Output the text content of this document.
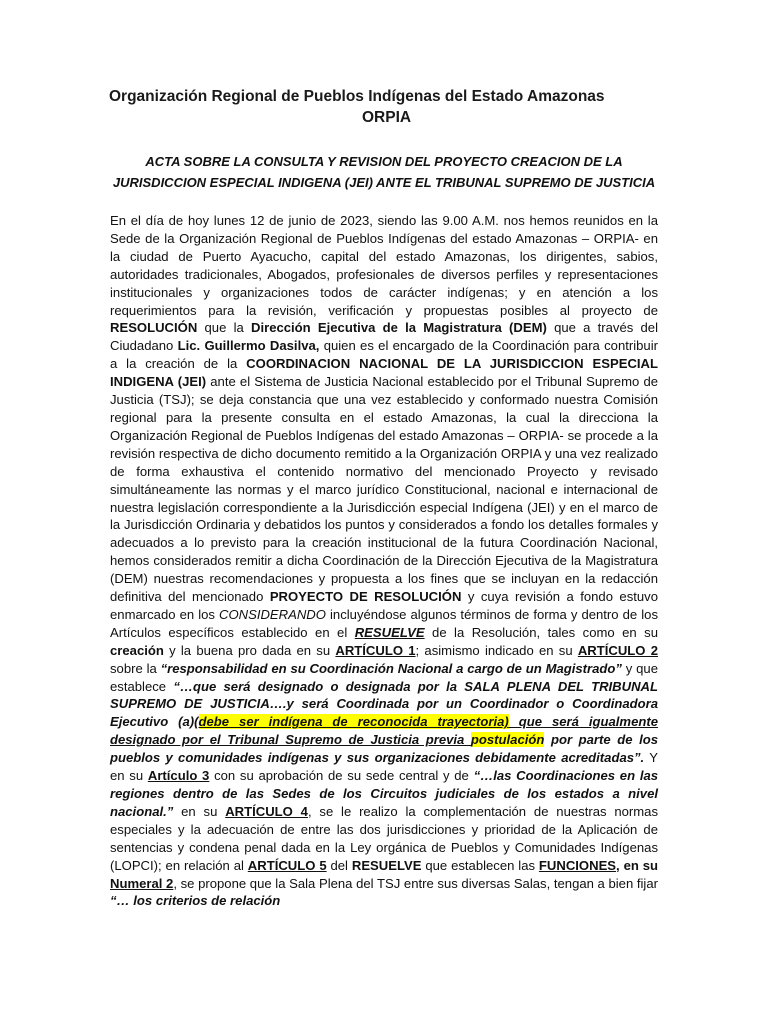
Organización Regional de Pueblos Indígenas del Estado Amazonas
ORPIA
ACTA SOBRE LA CONSULTA Y REVISION DEL PROYECTO CREACION DE LA
JURISDICCION ESPECIAL INDIGENA (JEI) ANTE EL TRIBUNAL SUPREMO DE JUSTICIA
En el día de hoy lunes 12 de junio de 2023, siendo las 9.00 A.M. nos hemos reunidos en la Sede de la Organización Regional de Pueblos Indígenas del estado Amazonas – ORPIA- en la ciudad de Puerto Ayacucho, capital del estado Amazonas, los dirigentes, sabios, autoridades tradicionales, Abogados, profesionales de diversos perfiles y representaciones institucionales y organizaciones todos de carácter indígenas; y en atención a los requerimientos para la revisión, verificación y propuestas posibles al proyecto de RESOLUCIÓN que la Dirección Ejecutiva de la Magistratura (DEM) que a través del Ciudadano Lic. Guillermo Dasilva, quien es el encargado de la Coordinación para contribuir a la creación de la COORDINACION NACIONAL DE LA JURISDICCION ESPECIAL INDIGENA (JEI) ante el Sistema de Justicia Nacional establecido por el Tribunal Supremo de Justicia (TSJ); se deja constancia que una vez establecido y conformado nuestra Comisión regional para la presente consulta en el estado Amazonas, la cual la direcciona la Organización Regional de Pueblos Indígenas del estado Amazonas – ORPIA- se procede a la revisión respectiva de dicho documento remitido a la Organización ORPIA y una vez realizado de forma exhaustiva el contenido normativo del mencionado Proyecto y revisado simultáneamente las normas y el marco jurídico Constitucional, nacional e internacional de nuestra legislación correspondiente a la Jurisdicción especial Indígena (JEI) y en el marco de la Jurisdicción Ordinaria y debatidos los puntos y considerados a fondo los detalles formales y adecuados a lo previsto para la creación institucional de la futura Coordinación Nacional, hemos considerados remitir a dicha Coordinación de la Dirección Ejecutiva de la Magistratura (DEM) nuestras recomendaciones y propuesta a los fines que se incluyan en la redacción definitiva del mencionado PROYECTO DE RESOLUCIÓN y cuya revisión a fondo estuvo enmarcado en los CONSIDERANDO incluyéndose algunos términos de forma y dentro de los Artículos específicos establecido en el RESUELVE de la Resolución, tales como en su creación y la buena pro dada en su ARTÍCULO 1; asimismo indicado en su ARTÍCULO 2 sobre la “responsabilidad en su Coordinación Nacional a cargo de un Magistrado” y que establece “…que será designado o designada por la SALA PLENA DEL TRIBUNAL SUPREMO DE JUSTICIA….y será Coordinada por un Coordinador o Coordinadora Ejecutivo (a)(debe ser indígena de reconocida trayectoria) que será igualmente designado por el Tribunal Supremo de Justicia previa postulación por parte de los pueblos y comunidades indígenas y sus organizaciones debidamente acreditadas”. Y en su Artículo 3 con su aprobación de su sede central y de “…las Coordinaciones en las regiones dentro de las Sedes de los Circuitos judiciales de los estados a nivel nacional.” en su ARTÍCULO 4, se le realizo la complementación de nuestras normas especiales y la adecuación de entre las dos jurisdicciones y prioridad de la Aplicación de sentencias y condena penal dada en la Ley orgánica de Pueblos y Comunidades Indígenas (LOPCI); en relación al ARTÍCULO 5 del RESUELVE que establecen las FUNCIONES, en su Numeral 2, se propone que la Sala Plena del TSJ entre sus diversas Salas, tengan a bien fijar “… los criterios de relación
